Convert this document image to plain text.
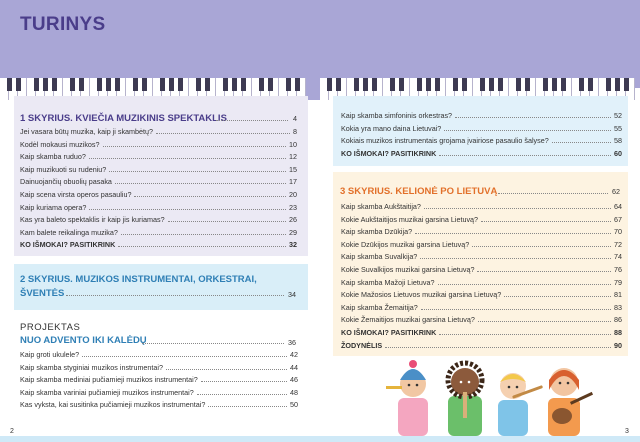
TURINYS
1 SKYRIUS. KVIEČIA MUZIKINIS SPEKTAKLIS	4
Jei vasara būtų muzika, kaip ji skambėtų?	8
Kodėl mokausi muzikos?	10
Kaip skamba ruduo?	12
Kaip muzikuoti su rudeniu?	15
Dainuojančių obuolių pasaka	17
Kaip scena virsta operos pasauliu?	20
Kaip kuriama opera?	23
Kas yra baleto spektaklis ir kaip jis kuriamas?	26
Kam balete reikalinga muzika?	29
KO IŠMOKAI? PASITIKRINK	32
2 SKYRIUS. MUZIKOS INSTRUMENTAI, ORKESTRAI,
ŠVENTĖS	34
PROJEKTAS
NUO ADVENTO IKI KALĖDŲ	36
Kaip groti ukulele?	42
Kaip skamba styginiai muzikos instrumentai?	44
Kaip skamba mediniai pučiamieji muzikos instrumentai?	46
Kaip skamba variniai pučiamieji muzikos instrumentai?	48
Kas vyksta, kai susitinka pučiamieji muzikos instrumentai?	50
Kaip skamba simfoninis orkestras?	52
Kokia yra mano daina Lietuvai?	55
Kokiais muzikos instrumentais grojama įvairiose pasaulio šalyse?	58
KO IŠMOKAI? PASITIKRINK	60
3 SKYRIUS. KELIONĖ PO LIETUVĄ	62
Kaip skamba Aukštaitija?	64
Kokie Aukštaitijos muzikai garsina Lietuvą?	67
Kaip skamba Dzūkija?	70
Kokie Dzūkijos muzikai garsina Lietuvą?	72
Kaip skamba Suvalkija?	74
Kokie Suvalkijos muzikai garsina Lietuvą?	76
Kaip skamba Mažoji Lietuva?	79
Kokie Mažosios Lietuvos muzikai garsina Lietuvą?	81
Kaip skamba Žemaitija?	83
Kokie Žemaitijos muzikai garsina Lietuvą?	86
KO IŠMOKAI? PASITIKRINK	88
ŽODYNĖLIS	90
2	3
